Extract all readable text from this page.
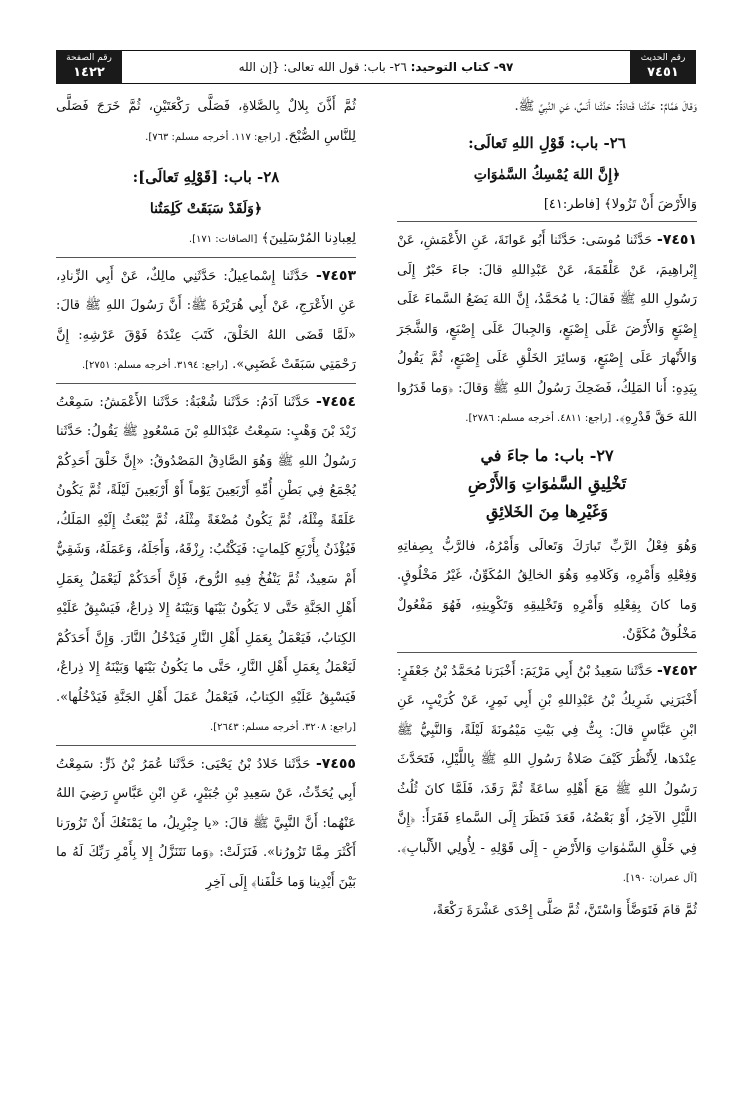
رقم الحديث
٧٤٥١
٩٧- كتاب التوحيد: ٢٦- باب: قول الله تعالى: {إن الله
رقم الصفحة
١٤٢٢

وَقالَ هَمَّامٌ: حَدَّثَنا قَتادَةُ: حَدَّثَنا أَنَسٌ، عَنِ النَّبِيِّ ﷺ.

٢٦- باب: قَوْلِ اللهِ تَعالَى:
﴿إِنَّ اللهَ يُمْسِكُ السَّمٰوَاتِ

وَالأَرْضَ أَنْ تَزُولا﴾ [فاطر:٤١]

٧٤٥١- حَدَّثَنا مُوسَى: حَدَّثَنا أَبُو عَوانَةَ، عَنِ الأَعْمَشِ، عَنْ إِبْراهِيمَ، عَنْ عَلْقَمَةَ، عَنْ عَبْدِاللهِ قالَ: جاءَ حَبْرٌ إِلَى رَسُولِ اللهِ ﷺ فَقالَ: يا مُحَمَّدُ، إِنَّ اللهَ يَضَعُ السَّماءَ عَلَى إِصْبَعٍ وَالأَرْضَ عَلَى إِصْبَعٍ، وَالجِبالَ عَلَى إِصْبَعٍ، وَالشَّجَرَ وَالأَنْهارَ عَلَى إِصْبَعٍ، وَسائِرَ الخَلْقِ عَلَى إِصْبَعٍ، ثُمَّ يَقُولُ بِيَدِهِ: أَنا المَلِكُ، فَضَحِكَ رَسُولُ اللهِ ﷺ وَقالَ: ﴿وَما قَدَرُوا اللهَ حَقَّ قَدْرِهِ﴾. [راجع: ٤٨١١. أخرجه مسلم: ٢٧٨٦].

٢٧- باب: ما جاءَ في
تَخْلِيقِ السَّمٰوَاتِ وَالأَرْضِ
وَغَيْرِها مِنَ الخَلائِقِ

وَهُوَ فِعْلُ الرَّبِّ تَبارَكَ وَتَعالَى وَأَمْرُهُ، فالرَّبُّ بِصِفاتِهِ وَفِعْلِهِ وَأَمْرِهِ، وَكَلامِهِ وَهُوَ الخالِقُ المُكَوِّنُ، غَيْرُ مَخْلُوقٍ. وَما كانَ بِفِعْلِهِ وَأَمْرِهِ وَتَخْلِيقِهِ وَتَكْوِينِهِ، فَهُوَ مَفْعُولٌ مَخْلُوقٌ مُكَوَّنٌ.

٧٤٥٢- حَدَّثَنا سَعِيدُ بْنُ أَبِي مَرْيَمَ: أَخْبَرَنا مُحَمَّدُ بْنُ جَعْفَرٍ: أَخْبَرَنِي شَرِيكُ بْنُ عَبْدِاللهِ بْنِ أَبِي نَمِرٍ، عَنْ كُرَيْبٍ، عَنِ ابْنِ عَبَّاسٍ قالَ: بِتُّ فِي بَيْتِ مَيْمُونَةَ لَيْلَةً، وَالنَّبِيُّ ﷺ عِنْدَها، لِأَنْظُرَ كَيْفَ صَلاةُ رَسُولِ اللهِ ﷺ بِاللَّيْلِ، فَتَحَدَّثَ رَسُولُ اللهِ ﷺ مَعَ أَهْلِهِ ساعَةً ثُمَّ رَقَدَ، فَلَمَّا كانَ ثُلُثُ اللَّيْلِ الآخِرُ، أَوْ بَعْضُهُ، قَعَدَ فَنَظَرَ إِلَى السَّماءِ فَقَرَأَ: ﴿إِنَّ فِي خَلْقِ السَّمٰوَاتِ وَالأَرْضِ - إِلَى قَوْلِهِ - لِأُولِي الأَلْبابِ﴾. [آل عمران: ١٩٠].

ثُمَّ قامَ فَتَوَضَّأَ وَاسْتَنَّ، ثُمَّ صَلَّى إِحْدَى عَشْرَةَ رَكْعَةً،

ثُمَّ أَذَّنَ بِلالٌ بِالصَّلاةِ، فَصَلَّى رَكْعَتَيْنِ، ثُمَّ خَرَجَ فَصَلَّى لِلنَّاسِ الصُّبْحَ. [راجع: ١١٧. أخرجه مسلم: ٧٦٣].

٢٨- باب: [قَوْلِهِ تَعالَى]:
﴿وَلَقَدْ سَبَقَتْ كَلِمَتُنا

لِعِبادِنا المُرْسَلِينَ﴾ [الصافات: ١٧١].

٧٤٥٣- حَدَّثَنا إِسْماعِيلُ: حَدَّثَنِي مالِكٌ، عَنْ أَبِي الزِّنادِ، عَنِ الأَعْرَجِ، عَنْ أَبِي هُرَيْرَةَ ﷺ: أَنَّ رَسُولَ اللهِ ﷺ قالَ: «لَمَّا قَضَى اللهُ الخَلْقَ، كَتَبَ عِنْدَهُ فَوْقَ عَرْشِهِ: إِنَّ رَحْمَتِي سَبَقَتْ غَضَبِي». [راجع: ٣١٩٤. أخرجه مسلم: ٢٧٥١].

٧٤٥٤- حَدَّثَنا آدَمُ: حَدَّثَنا شُعْبَةُ: حَدَّثَنا الأَعْمَشُ: سَمِعْتُ زَيْدَ بْنَ وَهْبٍ: سَمِعْتُ عَبْدَاللهِ بْنَ مَسْعُودٍ ﷺ يَقُولُ: حَدَّثَنا رَسُولُ اللهِ ﷺ وَهُوَ الصَّادِقُ المَصْدُوقُ: «إِنَّ خَلْقَ أَحَدِكُمْ يُجْمَعُ فِي بَطْنِ أُمِّهِ أَرْبَعِينَ يَوْماً أَوْ أَرْبَعِينَ لَيْلَةً، ثُمَّ يَكُونُ عَلَقَةً مِثْلَهُ، ثُمَّ يَكُونُ مُضْغَةً مِثْلَهُ، ثُمَّ يُبْعَثُ إِلَيْهِ المَلَكُ، فَيُؤْذَنُ بِأَرْبَعِ كَلِماتٍ: فَيَكْتُبُ: رِزْقَهُ، وَأَجَلَهُ، وَعَمَلَهُ، وَشَقِيٌّ أَمْ سَعِيدٌ، ثُمَّ يَنْفُخُ فِيهِ الرُّوحَ، فَإِنَّ أَحَدَكُمْ لَيَعْمَلُ بِعَمَلِ أَهْلِ الجَنَّةِ حَتَّى لا يَكُونُ بَيْنَها وَبَيْنَهُ إِلا ذِراعٌ، فَيَسْبِقُ عَلَيْهِ الكِتابُ، فَيَعْمَلُ بِعَمَلِ أَهْلِ النَّارِ فَيَدْخُلُ النَّارَ. وَإِنَّ أَحَدَكُمْ لَيَعْمَلُ بِعَمَلِ أَهْلِ النَّارِ، حَتَّى ما يَكُونُ بَيْنَها وَبَيْنَهُ إِلا ذِراعٌ، فَيَسْبِقُ عَلَيْهِ الكِتابُ، فَيَعْمَلُ عَمَلَ أَهْلِ الجَنَّةِ فَيَدْخُلُها». [راجع: ٣٢٠٨. أخرجه مسلم: ٢٦٤٣].

٧٤٥٥- حَدَّثَنا خَلادُ بْنُ يَحْيَى: حَدَّثَنا عُمَرُ بْنُ ذَرٍّ: سَمِعْتُ أَبِي يُحَدِّثُ، عَنْ سَعِيدِ بْنِ جُبَيْرٍ، عَنِ ابْنِ عَبَّاسٍ رَضِيَ اللهُ عَنْهُما: أَنَّ النَّبِيَّ ﷺ قالَ: «يا جِبْرِيلُ، ما يَمْنَعُكَ أَنْ تَزُورَنا أَكْثَرَ مِمَّا تَزُورُنا». فَنَزَلَتْ: ﴿وَما نَتَنَزَّلُ إِلا بِأَمْرِ رَبِّكَ لَهُ ما بَيْنَ أَيْدِينا وَما خَلْفَنا﴾ إِلَى آخِرِ
